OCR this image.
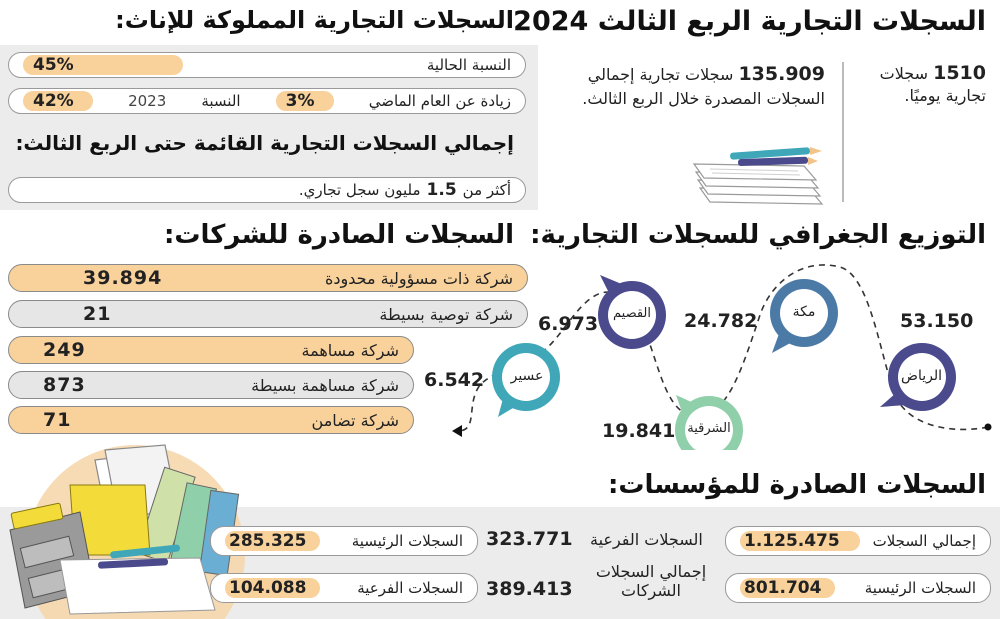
السجلات التجارية الربع الثالث 2024
1510 سجلات تجارية يوميًا.
135.909 سجلات تجارية إجمالي السجلات المصدرة خلال الربع الثالث.
السجلات التجارية المملوكة للإناث:
النسبة الحالية
45%
زيادة عن العام الماضي
3%
النسبة
2023
42%
إجمالي السجلات التجارية القائمة حتى الربع الثالث:
أكثر من
1.5
مليون سجل تجاري.
التوزيع الجغرافي للسجلات التجارية:
الرياض
مكة
الشرقية
القصيم
عسير
53.150
24.782
19.841
6.973
6.542
السجلات الصادرة للشركات:
شركة ذات مسؤولية محدودة
39.894
شركة توصية بسيطة
21
شركة مساهمة
249
شركة مساهمة بسيطة
873
شركة تضامن
71
السجلات الصادرة للمؤسسات:
إجمالي السجلات
1.125.475
السجلات الرئيسية
801.704
السجلات الفرعية
323.771
إجمالي السجلات الشركات
389.413
السجلات الرئيسية
285.325
السجلات الفرعية
104.088
